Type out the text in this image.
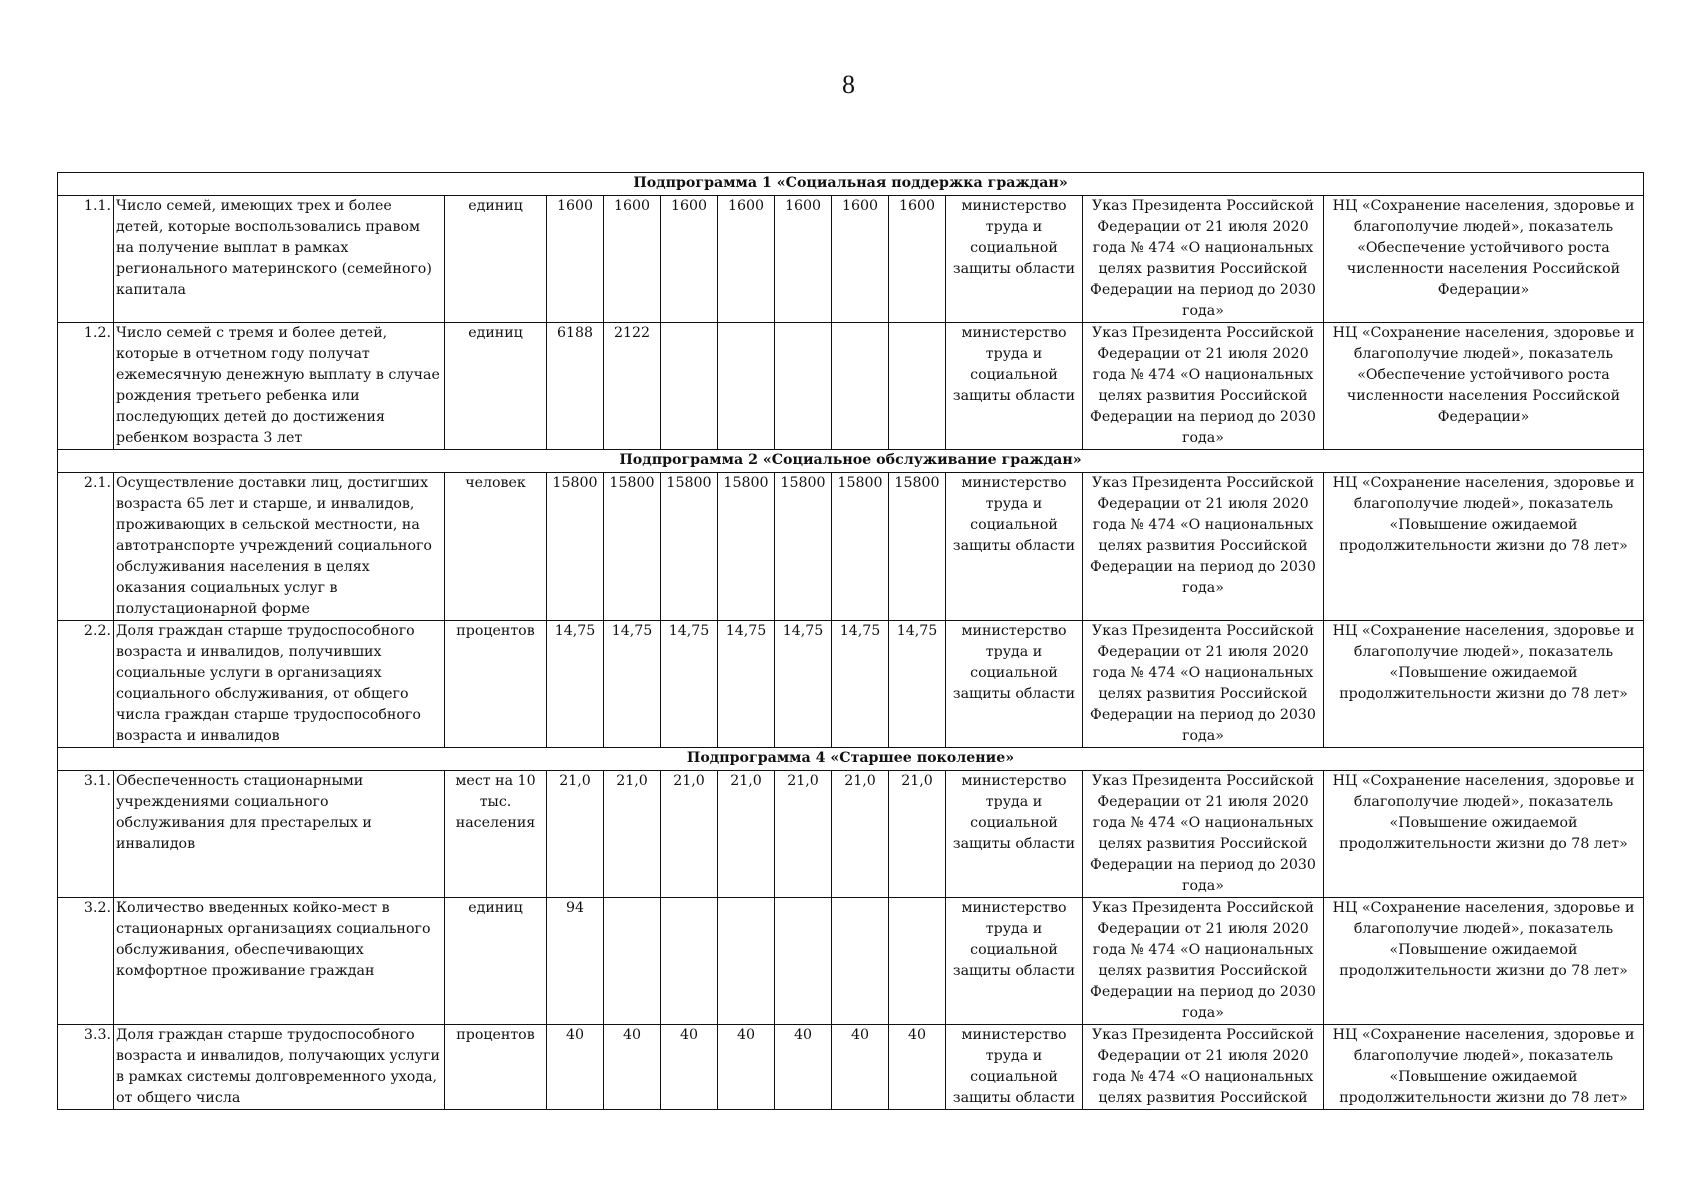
8
Подпрограмма 1 «Социальная поддержка граждан»												
1.1.	Число семей, имеющих трех и более детей, которые воспользовались правом на получение выплат в рамках регионального материнского (семейного) капитала	единиц	1600	1600	1600	1600	1600	1600	1600	министерство труда и социальной защиты области	Указ Президента Российской Федерации от 21 июля 2020 года № 474 «О национальных целях развития Российской Федерации на период до 2030 года»	НЦ «Сохранение населения, здоровье и благополучие людей», показатель «Обеспечение устойчивого роста численности населения Российской Федерации»
1.2.	Число семей с тремя и более детей, которые в отчетном году получат ежемесячную денежную выплату в случае рождения третьего ребенка или последующих детей до достижения ребенком возраста 3 лет	единиц	6188	2122						министерство труда и социальной защиты области	Указ Президента Российской Федерации от 21 июля 2020 года № 474 «О национальных целях развития Российской Федерации на период до 2030 года»	НЦ «Сохранение населения, здоровье и благополучие людей», показатель «Обеспечение устойчивого роста численности населения Российской Федерации»
Подпрограмма 2 «Социальное обслуживание граждан»												
2.1.	Осуществление доставки лиц, достигших возраста 65 лет и старше, и инвалидов, проживающих в сельской местности, на автотранспорте учреждений социального обслуживания населения в целях оказания социальных услуг в полустационарной форме	человек	15800	15800	15800	15800	15800	15800	15800	министерство труда и социальной защиты области	Указ Президента Российской Федерации от 21 июля 2020 года № 474 «О национальных целях развития Российской Федерации на период до 2030 года»	НЦ «Сохранение населения, здоровье и благополучие людей», показатель «Повышение ожидаемой продолжительности жизни до 78 лет»
2.2.	Доля граждан старше трудоспособного возраста и инвалидов, получивших социальные услуги в организациях социального обслуживания, от общего числа граждан старше трудоспособного возраста и инвалидов	процентов	14,75	14,75	14,75	14,75	14,75	14,75	14,75	министерство труда и социальной защиты области	Указ Президента Российской Федерации от 21 июля 2020 года № 474 «О национальных целях развития Российской Федерации на период до 2030 года»	НЦ «Сохранение населения, здоровье и благополучие людей», показатель «Повышение ожидаемой продолжительности жизни до 78 лет»
Подпрограмма 4 «Старшее поколение»												
3.1.	Обеспеченность стационарными учреждениями социального обслуживания для престарелых и инвалидов	мест на 10 тыс. населения	21,0	21,0	21,0	21,0	21,0	21,0	21,0	министерство труда и социальной защиты области	Указ Президента Российской Федерации от 21 июля 2020 года № 474 «О национальных целях развития Российской Федерации на период до 2030 года»	НЦ «Сохранение населения, здоровье и благополучие людей», показатель «Повышение ожидаемой продолжительности жизни до 78 лет»
3.2.	Количество введенных койко-мест в стационарных организациях социального обслуживания, обеспечивающих комфортное проживание граждан	единиц	94							министерство труда и социальной защиты области	Указ Президента Российской Федерации от 21 июля 2020 года № 474 «О национальных целях развития Российской Федерации на период до 2030 года»	НЦ «Сохранение населения, здоровье и благополучие людей», показатель «Повышение ожидаемой продолжительности жизни до 78 лет»
3.3.	Доля граждан старше трудоспособного возраста и инвалидов, получающих услуги в рамках системы долговременного ухода, от общего числа	процентов	40	40	40	40	40	40	40	министерство труда и социальной защиты области	Указ Президента Российской Федерации от 21 июля 2020 года № 474 «О национальных целях развития Российской	НЦ «Сохранение населения, здоровье и благополучие людей», показатель «Повышение ожидаемой продолжительности жизни до 78 лет»
